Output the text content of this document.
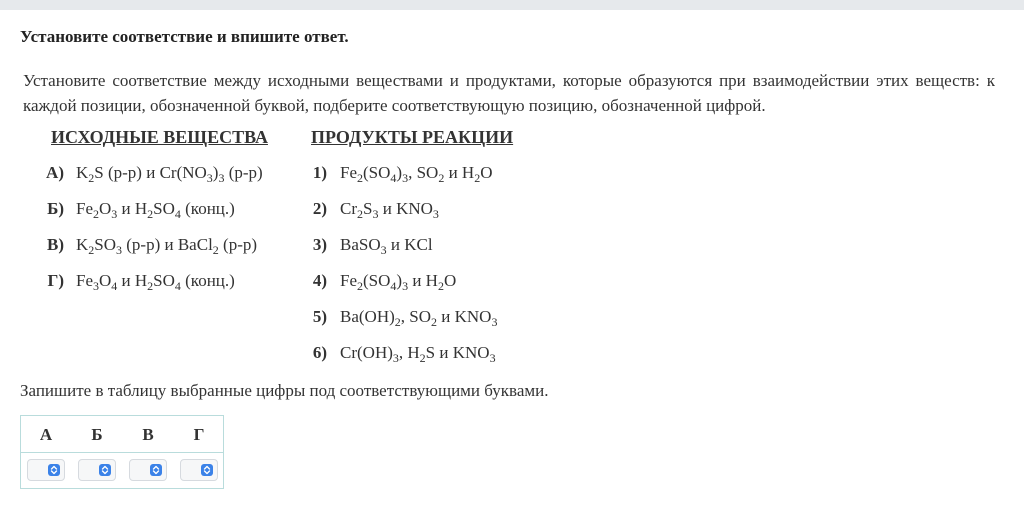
Установите соответствие и впишите ответ.
Установите соответствие между исходными веществами и продуктами, которые образуются при взаимодействии этих веществ: к каждой позиции, обозначенной буквой, подберите соответствующую позицию, обозначенной цифрой.
ИСХОДНЫЕ ВЕЩЕСТВА ПРОДУКТЫ РЕАКЦИИ
А) $K_2S$ (р-р) и $Cr(NO_3)_3$ (р-р)
Б) $Fe_2O_3$ и $H_2SO_4$ (конц.)
В) $K_2SO_3$ (р-р) и BaCl$_2$ (р-р)
Г) $Fe_3O_4$ и $H_2SO_4$ (конц.)
1) $Fe_2(SO_4)_3$, $SO_2$ и $H_2O$
2) $Cr_2S_3$ и $KNO_3$
3) BaSO$_3$ и KCl
4) $Fe_2(SO_4)_3$ и $H_2O$
5) $Ba(OH)_2$, $SO_2$ и $KNO_3$
6) $Cr(OH)_3$, $H_2S$ и $KNO_3$
Запишите в таблицу выбранные цифры под соответствующими буквами.
А	Б	В	Г
